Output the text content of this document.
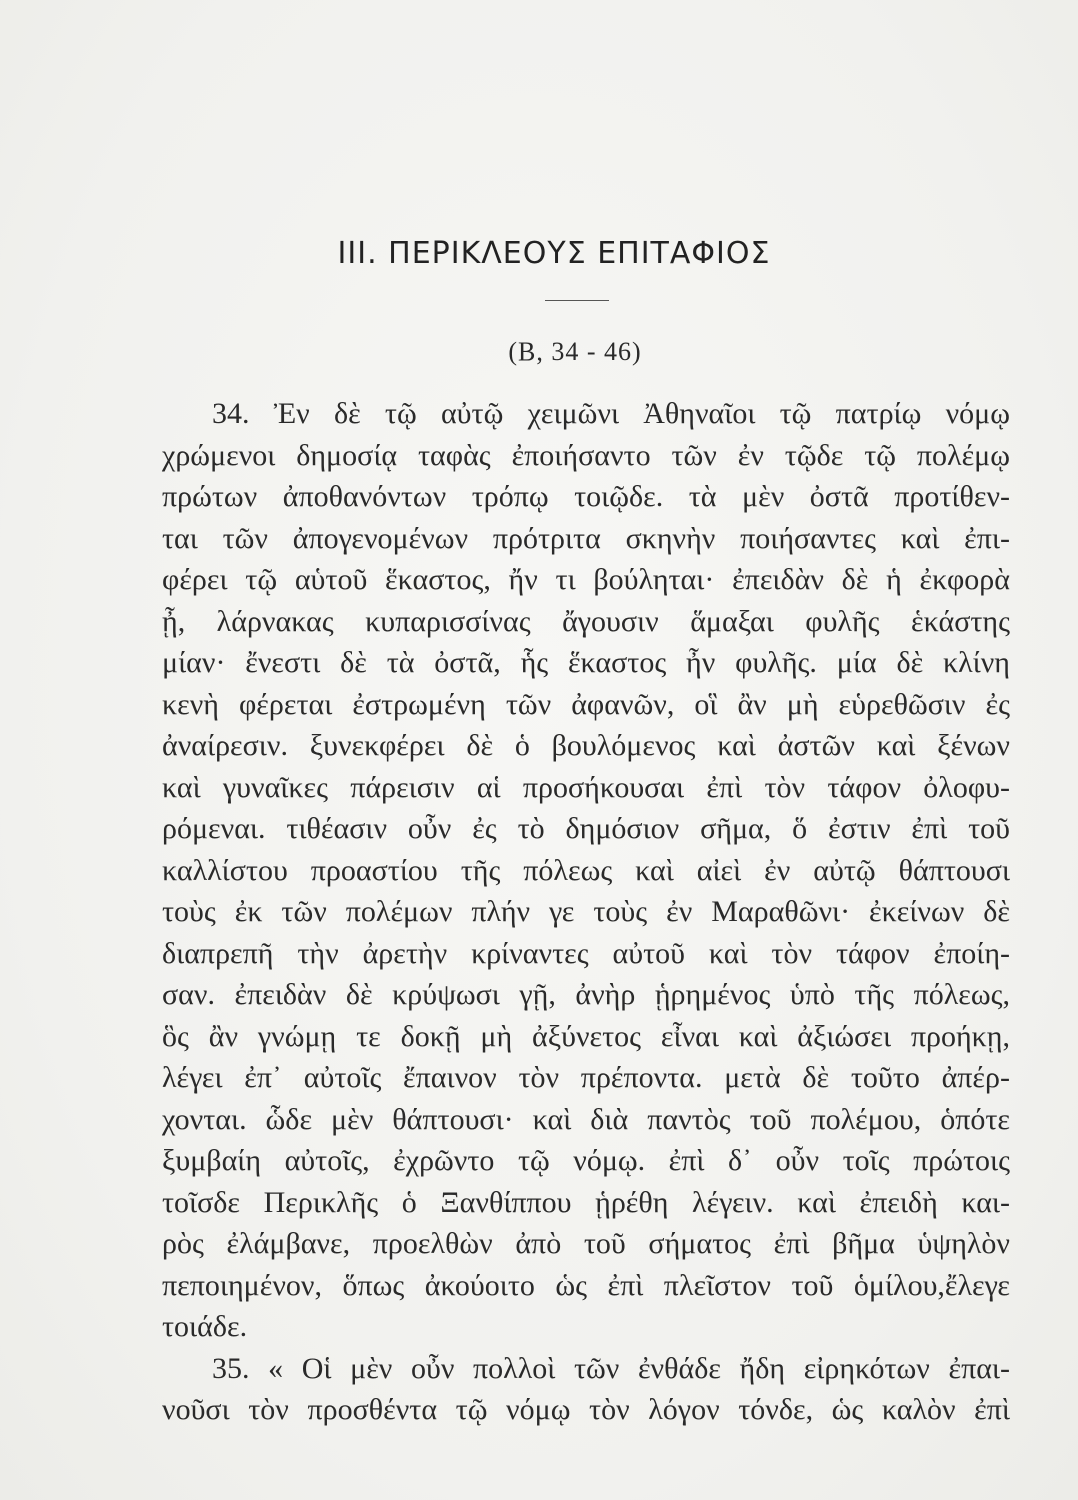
III. ΠΕΡΙΚΛΕΟΥΣ ΕΠΙΤΑΦΙΟΣ
(Β, 34 - 46)
34. Ἐν δὲ τῷ αὐτῷ χειμῶνι Ἀθηναῖοι τῷ πατρίῳ νόμῳ
χρώμενοι δημοσίᾳ ταφὰς ἐποιήσαντο τῶν ἐν τῷδε τῷ πολέμῳ
πρώτων ἀποθανόντων τρόπῳ τοιῷδε. τὰ μὲν ὀστᾶ προτίθεν-
ται τῶν ἀπογενομένων πρότριτα σκηνὴν ποιήσαντες καὶ ἐπι-
φέρει τῷ αὑτοῦ ἕκαστος, ἤν τι βούληται· ἐπειδὰν δὲ ἡ ἐκφορὰ
ᾖ, λάρνακας κυπαρισσίνας ἄγουσιν ἅμαξαι φυλῆς ἑκάστης
μίαν· ἔνεστι δὲ τὰ ὀστᾶ, ἧς ἕκαστος ἦν φυλῆς. μία δὲ κλίνη
κενὴ φέρεται ἐστρωμένη τῶν ἀφανῶν, οἳ ἂν μὴ εὑρεθῶσιν ἐς
ἀναίρεσιν. ξυνεκφέρει δὲ ὁ βουλόμενος καὶ ἀστῶν καὶ ξένων
καὶ γυναῖκες πάρεισιν αἱ προσήκουσαι ἐπὶ τὸν τάφον ὀλοφυ-
ρόμεναι. τιθέασιν οὖν ἐς τὸ δημόσιον σῆμα, ὅ ἐστιν ἐπὶ τοῦ
καλλίστου προαστίου τῆς πόλεως καὶ αἰεὶ ἐν αὐτῷ θάπτουσι
τοὺς ἐκ τῶν πολέμων πλήν γε τοὺς ἐν Μαραθῶνι· ἐκείνων δὲ
διαπρεπῆ τὴν ἀρετὴν κρίναντες αὐτοῦ καὶ τὸν τάφον ἐποίη-
σαν. ἐπειδὰν δὲ κρύψωσι γῇ, ἀνὴρ ᾑρημένος ὑπὸ τῆς πόλεως,
ὃς ἂν γνώμῃ τε δοκῇ μὴ ἀξύνετος εἶναι καὶ ἀξιώσει προήκῃ,
λέγει ἐπ᾽ αὐτοῖς ἔπαινον τὸν πρέποντα. μετὰ δὲ τοῦτο ἀπέρ-
χονται. ὧδε μὲν θάπτουσι· καὶ διὰ παντὸς τοῦ πολέμου, ὁπότε
ξυμβαίη αὐτοῖς, ἐχρῶντο τῷ νόμῳ. ἐπὶ δ᾽ οὖν τοῖς πρώτοις
τοῖσδε Περικλῆς ὁ Ξανθίππου ᾑρέθη λέγειν. καὶ ἐπειδὴ και-
ρὸς ἐλάμβανε, προελθὼν ἀπὸ τοῦ σήματος ἐπὶ βῆμα ὑψηλὸν
πεποιημένον, ὅπως ἀκούοιτο ὡς ἐπὶ πλεῖστον τοῦ ὁμίλου,ἔλεγε
τοιάδε.
35. « Οἱ μὲν οὖν πολλοὶ τῶν ἐνθάδε ἤδη εἰρηκότων ἐπαι-
νοῦσι τὸν προσθέντα τῷ νόμῳ τὸν λόγον τόνδε, ὡς καλὸν ἐπὶ
